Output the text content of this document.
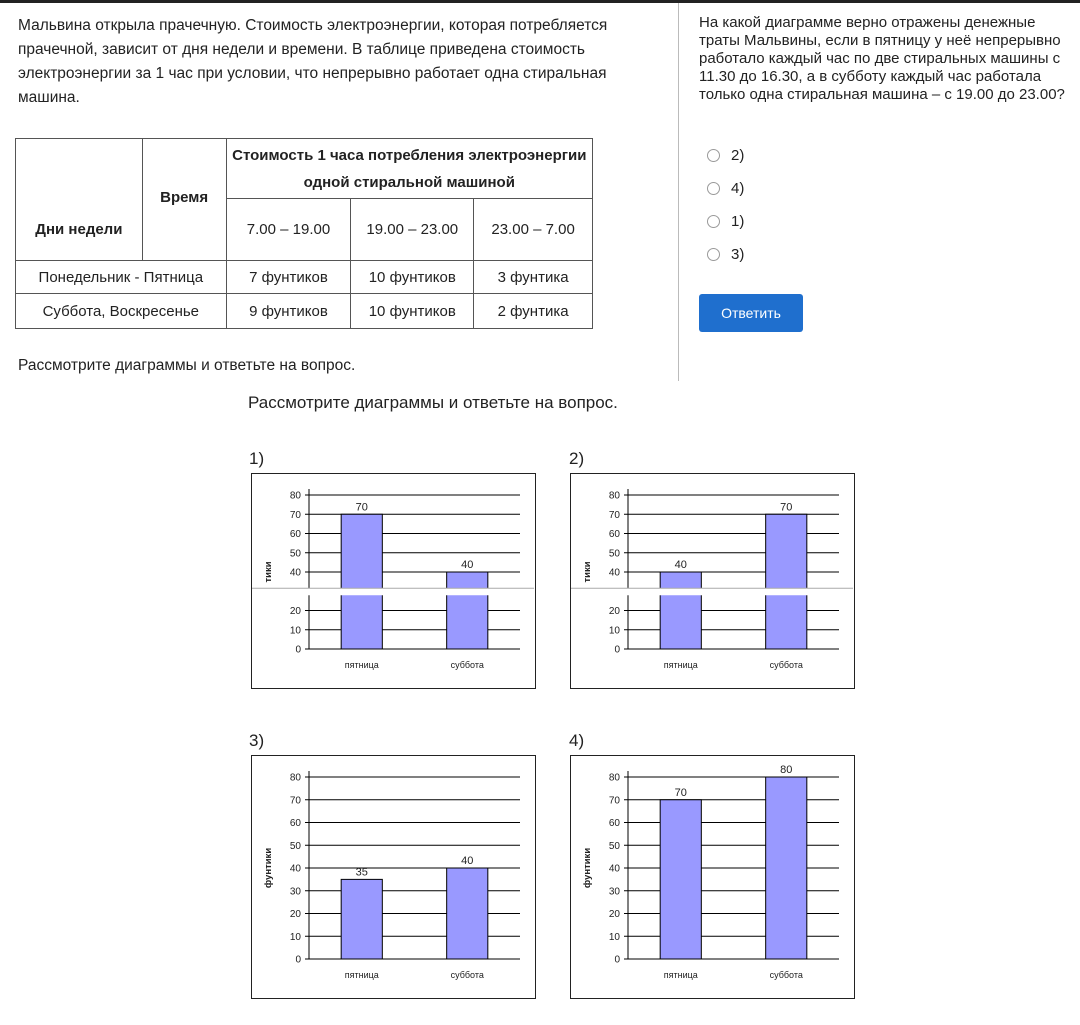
Мальвина открыла прачечную. Стоимость электроэнергии, которая потребляется прачечной, зависит от дня недели и времени. В таблице приведена стоимость электроэнергии за 1 час при условии, что непрерывно работает одна стиральная машина.
	Время	Стоимость 1 часа потребления электроэнергии одной стиральной машиной		
Дни недели		7.00 – 19.00	19.00 – 23.00	23.00 – 7.00
Понедельник - Пятница		7 фунтиков	10 фунтиков	3 фунтика
Суббота, Воскресенье		9 фунтиков	10 фунтиков	2 фунтика
Рассмотрите диаграммы и ответьте на вопрос.
На какой диаграмме верно отражены денежные траты Мальвины, если в пятницу у неё непрерывно работало каждый час по две стиральных машины с 11.30 до 16.30, а в субботу каждый час работала только одна стиральная машина – с 19.00 до 23.00?
2)
4)
1)
3)
Ответить
Рассмотрите диаграммы и ответьте на вопрос.
1)	2)
3)	4)
0
10
20
40
50
60
70
80
70
пятница
40
суббота
тики
0
10
20
40
50
60
70
80
40
пятница
70
суббота
тики
0
10
20
30
40
50
60
70
80
35
пятница
40
суббота
фунтики
0
10
20
30
40
50
60
70
80
70
пятница
80
суббота
фунтики
